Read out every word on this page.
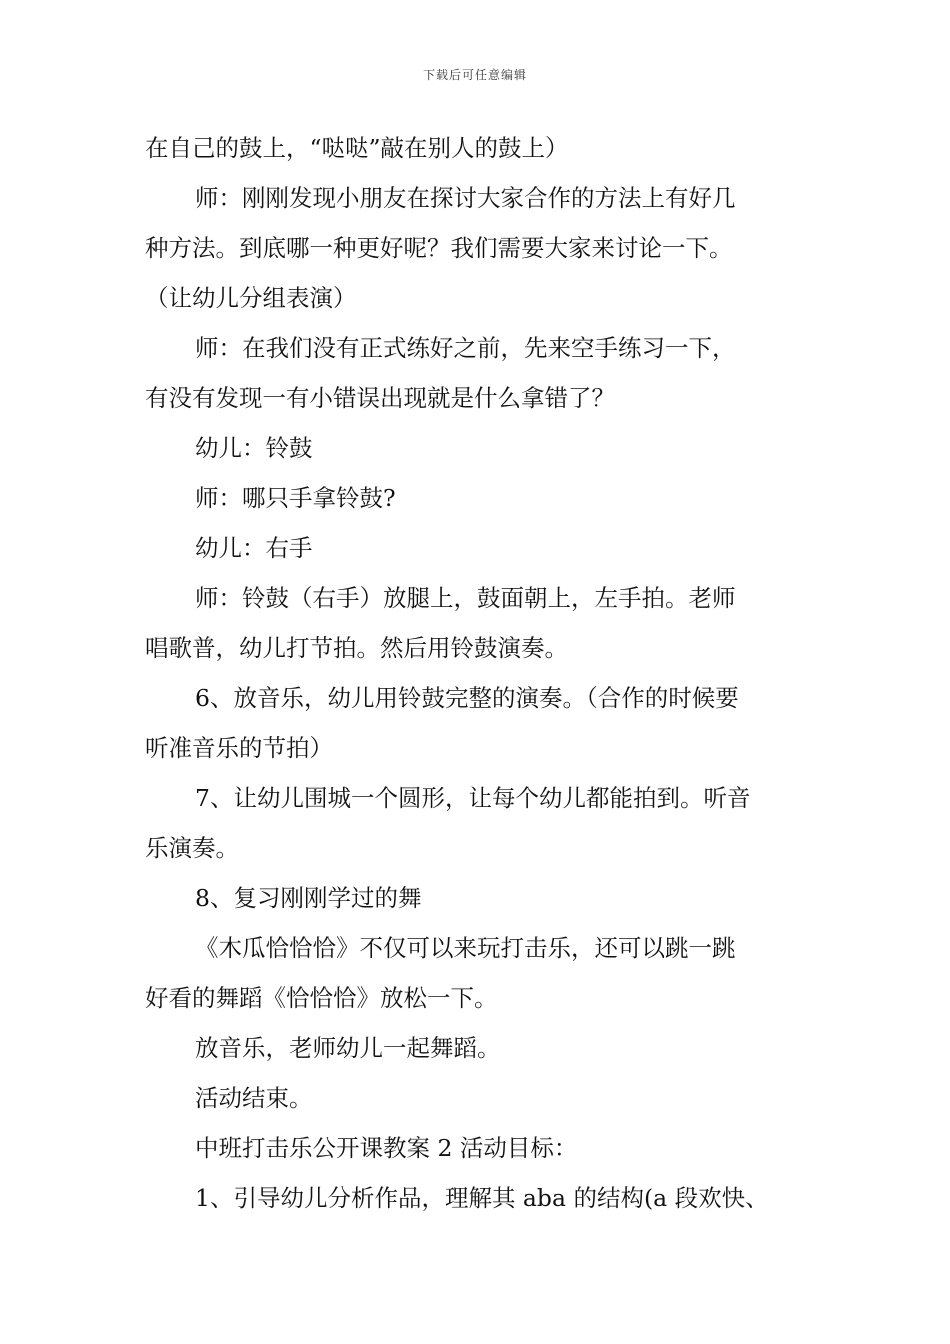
下载后可任意编辑
在自己的鼓上，“哒哒”敲在别人的鼓上）
师：刚刚发现小朋友在探讨大家合作的方法上有好几
种方法。到底哪一种更好呢？我们需要大家来讨论一下。
（让幼儿分组表演）
师：在我们没有正式练好之前，先来空手练习一下，
有没有发现一有小错误出现就是什么拿错了？
幼儿：铃鼓
师：哪只手拿铃鼓?
幼儿：右手
师：铃鼓（右手）放腿上，鼓面朝上，左手拍。老师
唱歌普，幼儿打节拍。然后用铃鼓演奏。
6、放音乐，幼儿用铃鼓完整的演奏。（合作的时候要
听准音乐的节拍）
7、让幼儿围城一个圆形，让每个幼儿都能拍到。听音
乐演奏。
8、复习刚刚学过的舞
《木瓜恰恰恰》不仅可以来玩打击乐，还可以跳一跳
好看的舞蹈《恰恰恰》放松一下。
放音乐，老师幼儿一起舞蹈。
活动结束。
中班打击乐公开课教案 2 活动目标：
1、引导幼儿分析作品，理解其 aba 的结构(a 段欢快、
